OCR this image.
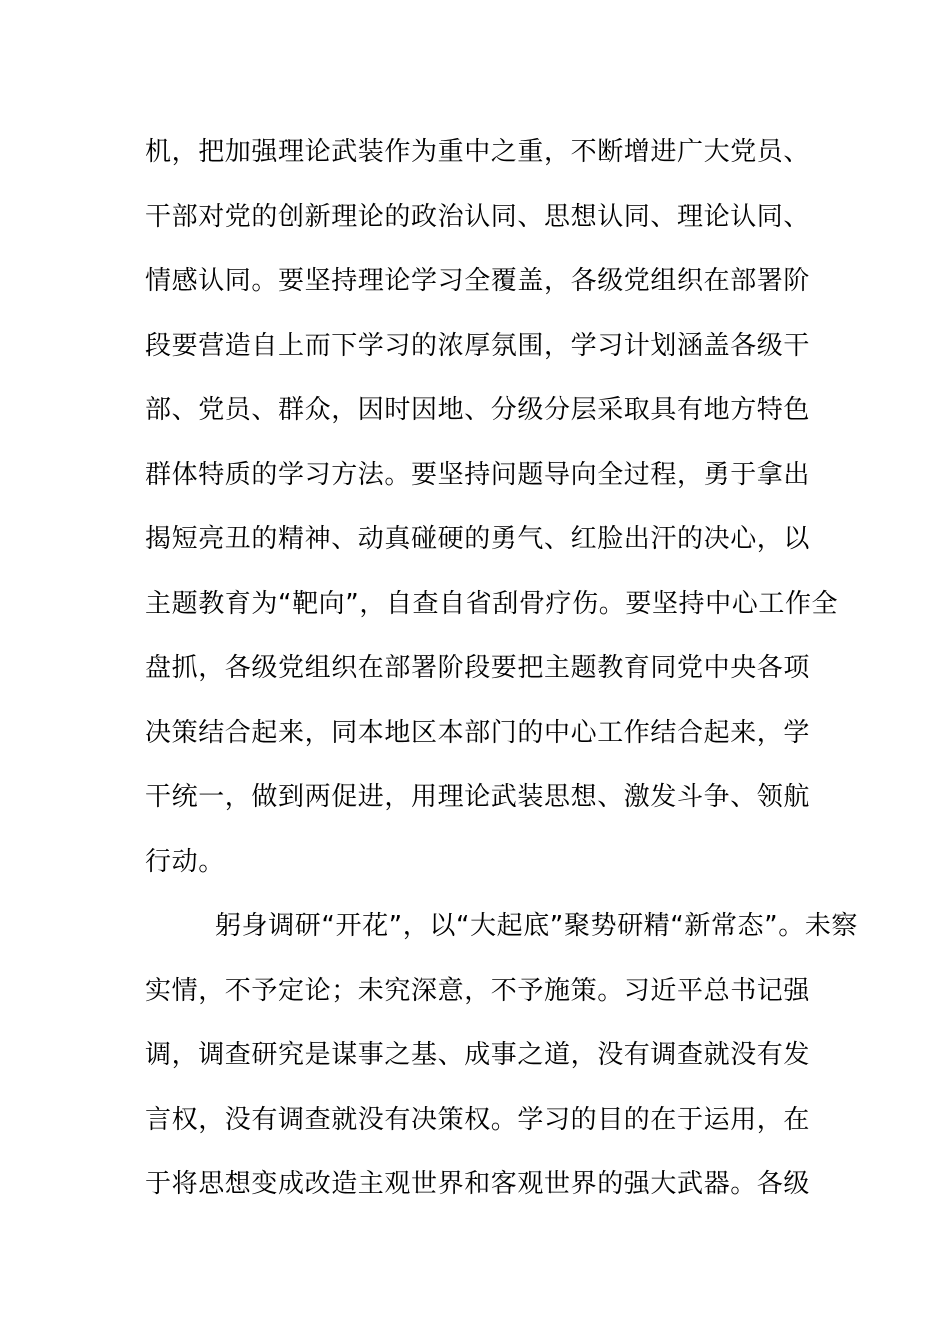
机，把加强理论武装作为重中之重，不断增进广大党员、
干部对党的创新理论的政治认同、思想认同、理论认同、
情感认同。要坚持理论学习全覆盖，各级党组织在部署阶
段要营造自上而下学习的浓厚氛围，学习计划涵盖各级干
部、党员、群众，因时因地、分级分层采取具有地方特色
群体特质的学习方法。要坚持问题导向全过程，勇于拿出
揭短亮丑的精神、动真碰硬的勇气、红脸出汗的决心，以
主题教育为“靶向”，自查自省刮骨疗伤。要坚持中心工作全
盘抓，各级党组织在部署阶段要把主题教育同党中央各项
决策结合起来，同本地区本部门的中心工作结合起来，学
干统一，做到两促进，用理论武装思想、激发斗争、领航
行动。
躬身调研“开花”，以“大起底”聚势研精“新常态”。未察
实情，不予定论；未究深意，不予施策。习近平总书记强
调，调查研究是谋事之基、成事之道，没有调查就没有发
言权，没有调查就没有决策权。学习的目的在于运用，在
于将思想变成改造主观世界和客观世界的强大武器。各级
